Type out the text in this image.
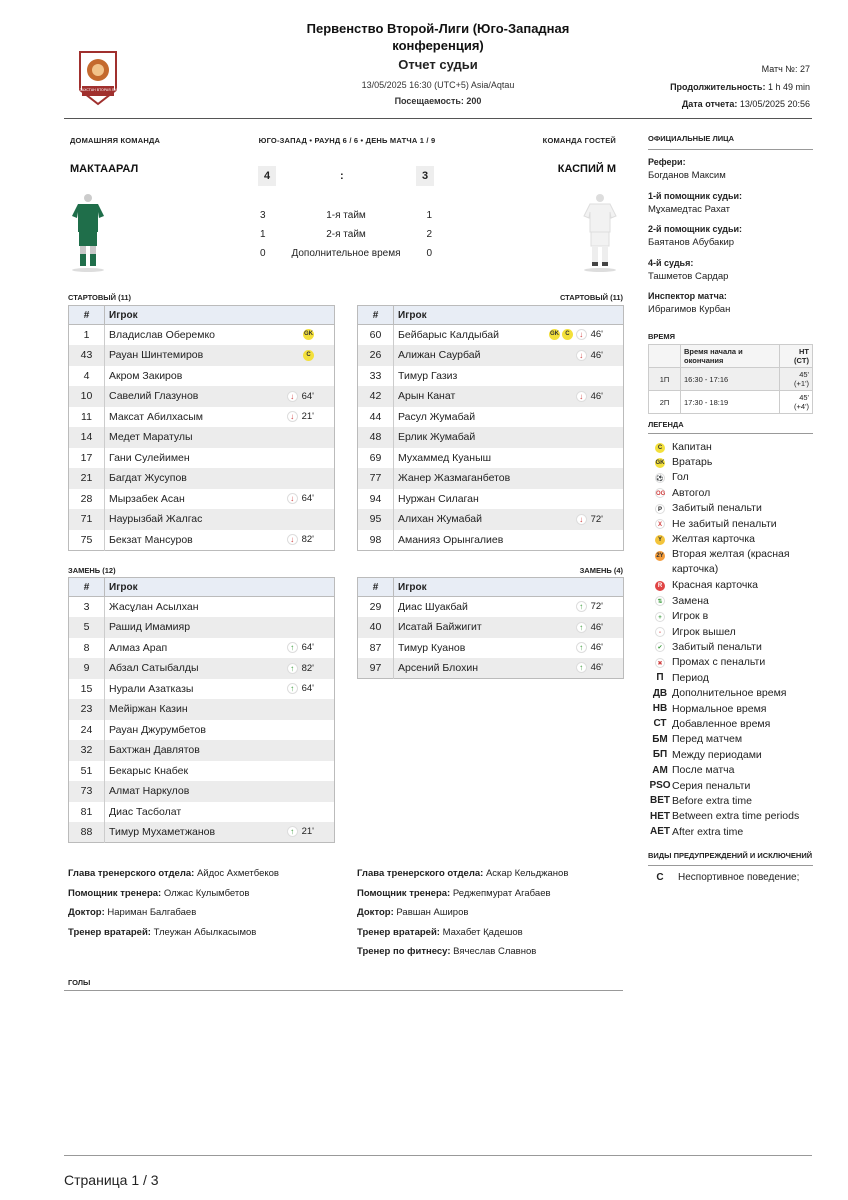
Первенство Второй-Лиги (Юго-Западная конференция)
Отчет судьи
13/05/2025 16:30 (UTC+5) Asia/Aqtau
Посещаемость: 200
КАЗАХСТАН ВТОРАЯ ЛИГА
Матч №: 27
Продолжительность: 1 h 49 min
Дата отчета: 13/05/2025 20:56
ДОМАШНЯЯ КОМАНДА	ЮГО-ЗАПАД • РАУНД 6 / 6 • ДЕНЬ МАТЧА 1 / 9	КОМАНДА ГОСТЕЙ
МАКТААРАЛ	КАСПИЙ М
4	:	3
3	1-я тайм	1
1	2-я тайм	2
0	Дополнительное время	0
СТАРТОВЫЙ (11)	СТАРТОВЫЙ (11)
#	Игрок	
1	Владислав Оберемко	GK
43	Рауан Шинтемиров	C
4	Акром Закиров	
10	Савелий Глазунов	↓ 64'
11	Максат Абилхасым	↓ 21'
14	Медет Маратулы	
17	Гани Сулейимен	
21	Багдат Жусупов	
28	Мырзабек Асан	↓ 64'
71	Наурызбай Жалгас	
75	Бекзат Мансуров	↓ 82'
#	Игрок	
60	Бейбарыс Калдыбай	GK C ↓ 46'
26	Алижан Саурбай	↓ 46'
33	Тимур Газиз	
42	Арын Канат	↓ 46'
44	Расул Жумабай	
48	Ерлик Жумабай	
69	Мухаммед Куаныш	
77	Жанер Жазмаганбетов	
94	Нуржан Силаган	
95	Алихан Жумабай	↓ 72'
98	Аманияз Орынгалиев	
ЗАМЕНЬ (12)	ЗАМЕНЬ (4)
#	Игрок	
3	Жасұлан Асылхан	
5	Рашид Имамияр	
8	Алмаз Арап	↑ 64'
9	Абзал Сатыбалды	↑ 82'
15	Нурали Азатказы	↑ 64'
23	Мейіржан Казин	
24	Рауан Джурумбетов	
32	Бахтжан Давлятов	
51	Бекарыс Кнабек	
73	Алмат Наркулов	
81	Диас Тасболат	
88	Тимур Мухаметжанов	↑ 21'
#	Игрок	
29	Диас Шуакбай	↑ 72'
40	Исатай Байжигит	↑ 46'
87	Тимур Куанов	↑ 46'
97	Арсений Блохин	↑ 46'
Глава тренерского отдела: Айдос Ахметбеков
Помощник тренера: Олжас Кулымбетов
Доктор: Нариман Балгабаев
Тренер вратарей: Тлеужан Абылкасымов
Глава тренерского отдела: Аскар Кельджанов
Помощник тренера: Реджепмурат Агабаев
Доктор: Равшан Аширов
Тренер вратарей: Махабет Қадешов
Тренер по фитнесу: Вячеслав Славнов
ГОЛЫ
ОФИЦИАЛЬНЫЕ ЛИЦА
Рефери:
Богданов Максим
1-й помощник судьи:
Мұхамедтас Рахат
2-й помощник судьи:
Баятанов Абубакир
4-й судья:
Ташметов Сардар
Инспектор матча:
Ибрагимов Курбан
ВРЕМЯ
	Время начала и окончания	HT (CT)
1П	16:30 - 17:16	45' (+1')
2П	17:30 - 18:19	45' (+4')
ЛЕГЕНДА
C Капитан
GK Вратарь
⚽ Гол
OG Автогол
P Забитый пенальти
X Не забитый пенальти
Y Желтая карточка
2Y Вторая желтая (красная карточка)
R Красная карточка
⇅ Замена
+ Игрок в
-	Игрок вышел
✔ Забитый пенальти
✖ Промах с пенальти
П Период
ДВ Дополнительное время
НВ Нормальное время
СТ Добавленное время
БМ Перед матчем
БП Между периодами
АМ После матча
PSO Серия пенальти
BET Before extra time
HET Between extra time periods
AET After extra time
ВИДЫ ПРЕДУПРЕЖДЕНИЙ И ИСКЛЮЧЕНИЙ
C	Неспортивное поведение;
Страница 1 / 3
